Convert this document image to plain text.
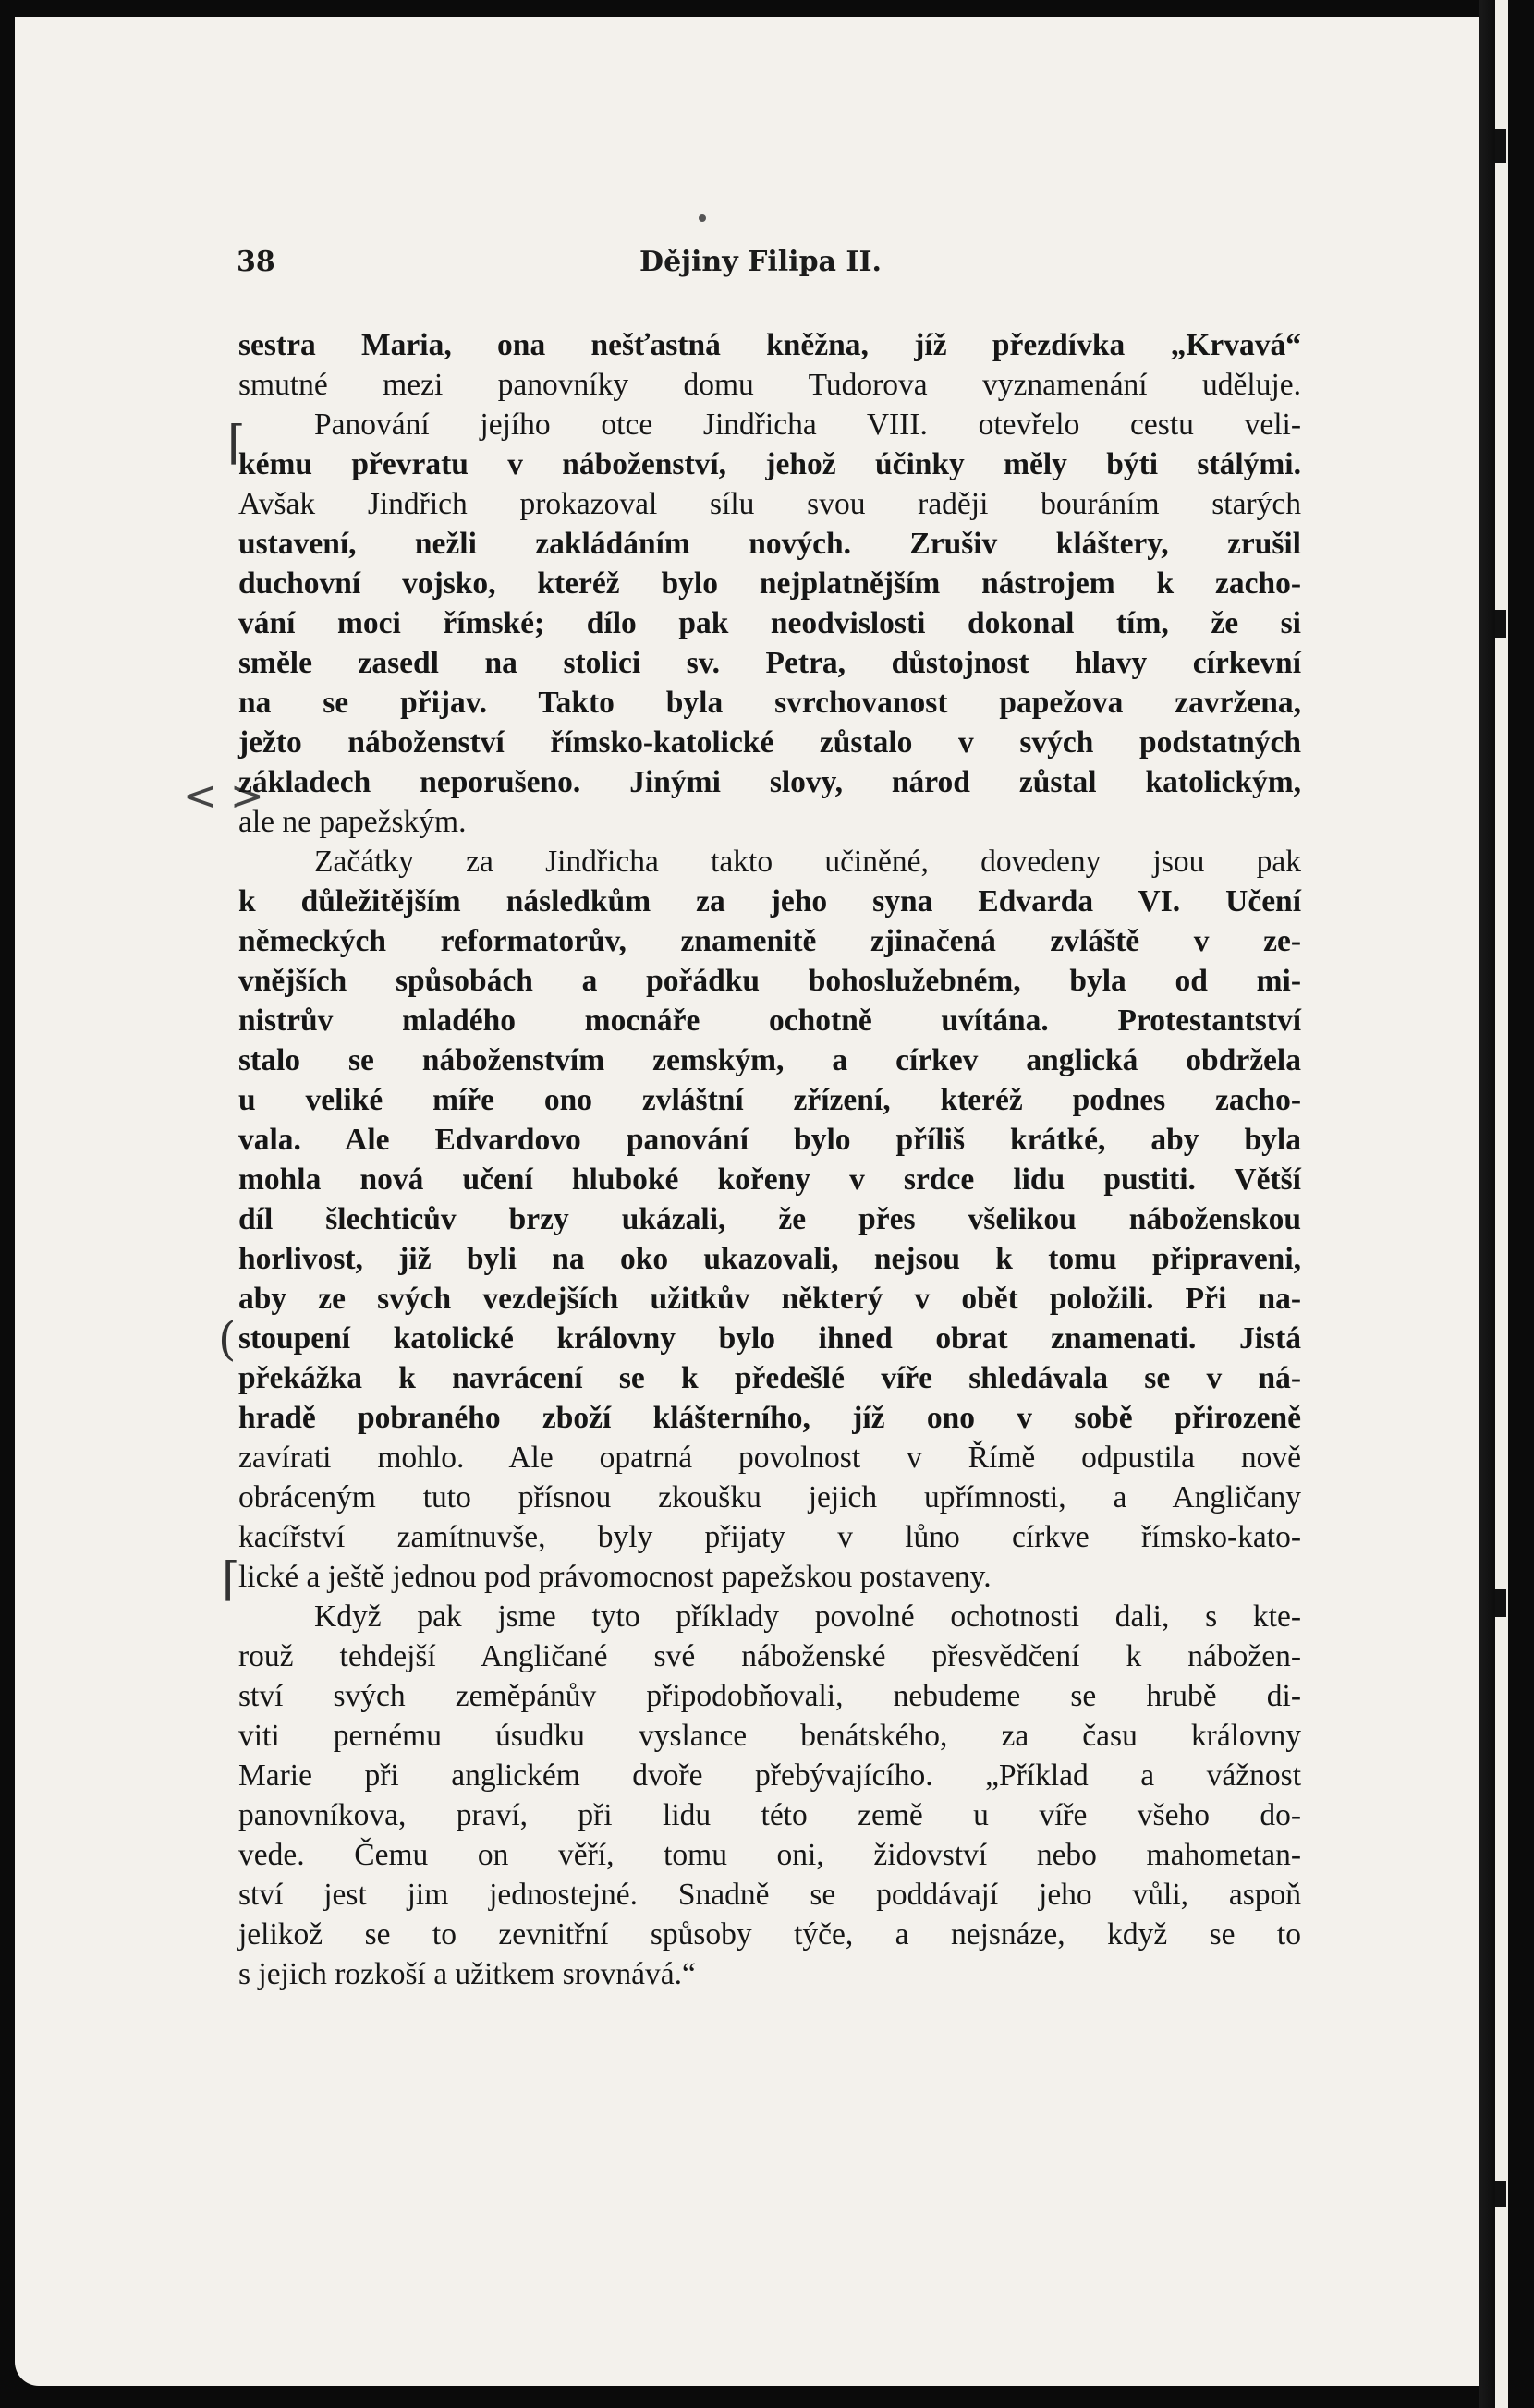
38	Dějiny Filipa II.
< >
⌈
(
⌈
sestra Maria, ona nešťastná kněžna, jíž přezdívka „Krvavá“
smutné mezi panovníky domu Tudorova vyznamenání uděluje.
Panování jejího otce Jindřicha VIII. otevřelo cestu veli-
kému převratu v náboženství, jehož účinky měly býti stálými.
Avšak Jindřich prokazoval sílu svou raději bouráním starých
ustavení, nežli zakládáním nových. Zrušiv kláštery, zrušil
duchovní vojsko, kteréž bylo nejplatnějším nástrojem k zacho-
vání moci římské; dílo pak neodvislosti dokonal tím, že si
směle zasedl na stolici sv. Petra, důstojnost hlavy církevní
na se přijav. Takto byla svrchovanost papežova zavržena,
ježto náboženství římsko-katolické zůstalo v svých podstatných
základech neporušeno. Jinými slovy, národ zůstal katolickým,
ale ne papežským.
Začátky za Jindřicha takto učiněné, dovedeny jsou pak
k důležitějším následkům za jeho syna Edvarda VI. Učení
německých reformatorův, znamenitě zjinačená zvláště v ze-
vnějších spůsobách a pořádku bohoslužebném, byla od mi-
nistrův mladého mocnáře ochotně uvítána. Protestantství
stalo se náboženstvím zemským, a církev anglická obdržela
u veliké míře ono zvláštní zřízení, kteréž podnes zacho-
vala. Ale Edvardovo panování bylo příliš krátké, aby byla
mohla nová učení hluboké kořeny v srdce lidu pustiti. Větší
díl šlechticův brzy ukázali, že přes všelikou náboženskou
horlivost, již byli na oko ukazovali, nejsou k tomu připraveni,
aby ze svých vezdejších užitkův některý v obět položili. Při na-
stoupení katolické královny bylo ihned obrat znamenati. Jistá
překážka k navrácení se k předešlé víře shledávala se v ná-
hradě pobraného zboží klášterního, jíž ono v sobě přirozeně
zavírati mohlo. Ale opatrná povolnost v Římě odpustila nově
obráceným tuto přísnou zkoušku jejich upřímnosti, a Angličany
kacířství zamítnuvše, byly přijaty v lůno církve římsko-kato-
lické a ještě jednou pod právomocnost papežskou postaveny.
Když pak jsme tyto příklady povolné ochotnosti dali, s kte-
rouž tehdejší Angličané své náboženské přesvědčení k nábožen-
ství svých zeměpánův připodobňovali, nebudeme se hrubě di-
viti pernému úsudku vyslance benátského, za času královny
Marie při anglickém dvoře přebývajícího. „Příklad a vážnost
panovníkova, praví, při lidu této země u víře všeho do-
vede. Čemu on věří, tomu oni, židovství nebo mahometan-
ství jest jim jednostejné. Snadně se poddávají jeho vůli, aspoň
jelikož se to zevnitřní spůsoby týče, a nejsnáze, když se to
s jejich rozkoší a užitkem srovnává.“
